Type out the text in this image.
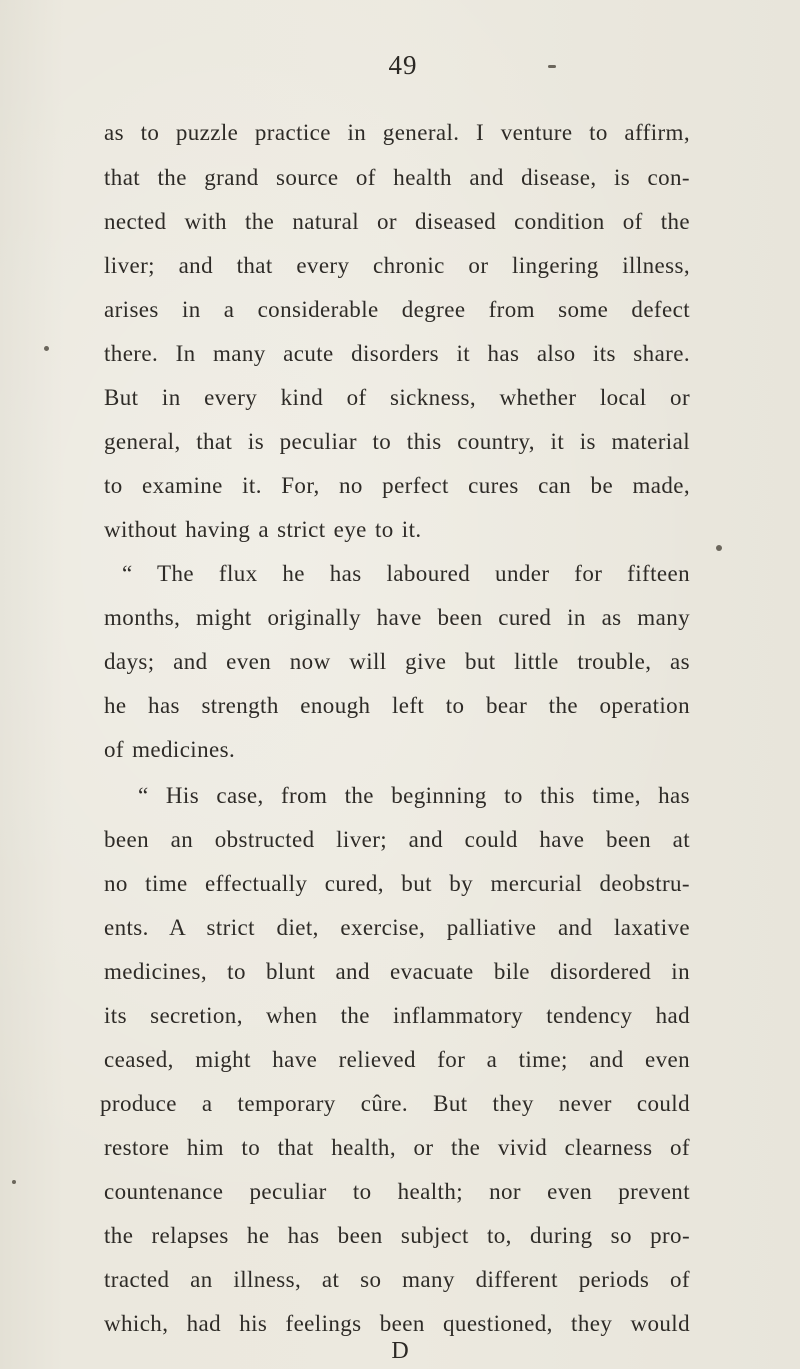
49
as to puzzle practice in general. I venture to affirm,
that the grand source of health and disease, is con-
nected with the natural or diseased condition of the
liver; and that every chronic or lingering illness,
arises in a considerable degree from some defect
there. In many acute disorders it has also its share.
But in every kind of sickness, whether local or
general, that is peculiar to this country, it is material
to examine it. For, no perfect cures can be made,
without having a strict eye to it.
“ The flux he has laboured under for fifteen
months, might originally have been cured in as many
days; and even now will give but little trouble, as
he has strength enough left to bear the operation
of medicines.
“ His case, from the beginning to this time, has
been an obstructed liver; and could have been at
no time effectually cured, but by mercurial deobstru-
ents. A strict diet, exercise, palliative and laxative
medicines, to blunt and evacuate bile disordered in
its secretion, when the inflammatory tendency had
ceased, might have relieved for a time; and even
produce a temporary cûre. But they never could
restore him to that health, or the vivid clearness of
countenance peculiar to health; nor even prevent
the relapses he has been subject to, during so pro-
tracted an illness, at so many different periods of
which, had his feelings been questioned, they would
D
